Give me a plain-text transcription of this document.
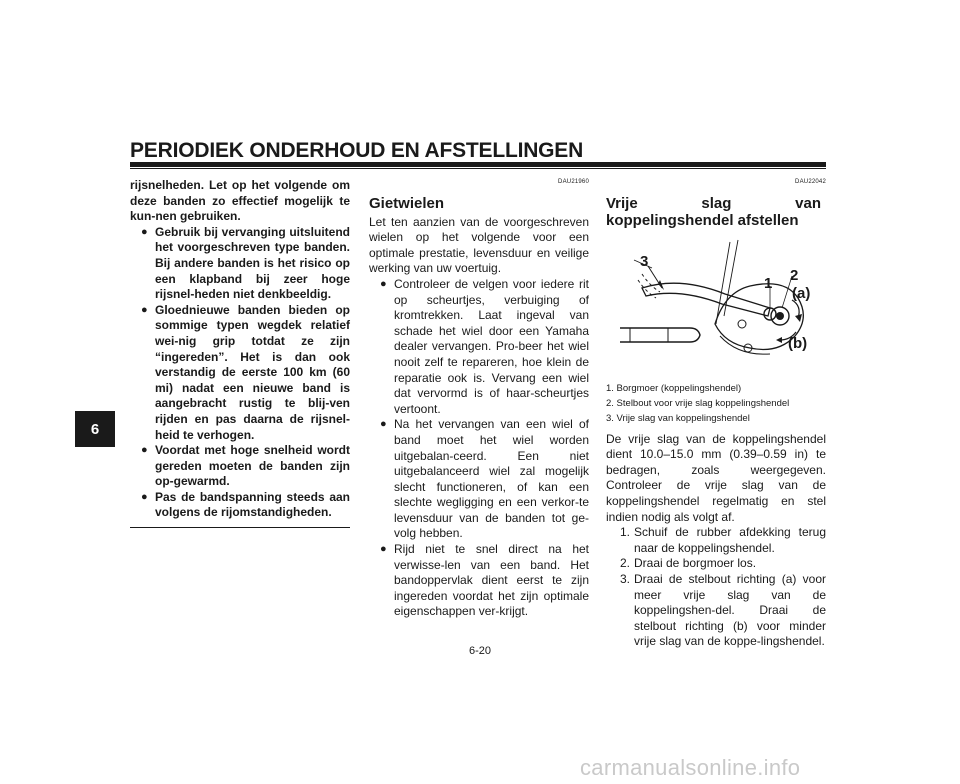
PERIODIEK ONDERHOUD EN AFSTELLINGEN
6
rijsnelheden. Let op het volgende om deze banden zo effectief mogelijk te kun-nen gebruiken.
● Gebruik bij vervanging uitsluitend het voorgeschreven type banden. Bij andere banden is het risico op een klapband bij zeer hoge rijsnel-heden niet denkbeeldig.
● Gloednieuwe banden bieden op sommige typen wegdek relatief wei-nig grip totdat ze zijn “ingereden”. Het is dan ook verstandig de eerste 100 km (60 mi) nadat een nieuwe band is aangebracht rustig te blij-ven rijden en pas daarna de rijsnel-heid te verhogen.
● Voordat met hoge snelheid wordt gereden moeten de banden zijn op-gewarmd.
● Pas de bandspanning steeds aan volgens de rijomstandigheden.
DAU21960
Gietwielen
Let ten aanzien van de voorgeschreven wielen op het volgende voor een optimale prestatie, levensduur en veilige werking van uw voertuig.
● Controleer de velgen voor iedere rit op scheurtjes, verbuiging of kromtrekken. Laat ingeval van schade het wiel door een Yamaha dealer vervangen. Pro-beer het wiel nooit zelf te repareren, hoe klein de reparatie ook is. Vervang een wiel dat vervormd is of haar-scheurtjes vertoont.
● Na het vervangen van een wiel of band moet het wiel worden uitgebalan-ceerd. Een niet uitgebalanceerd wiel zal mogelijk slecht functioneren, of kan een slechte wegligging en een verkor-te levensduur van de banden tot ge-volg hebben.
● Rijd niet te snel direct na het verwisse-len van een band. Het bandoppervlak dient eerst te zijn ingereden voordat het zijn optimale eigenschappen ver-krijgt.
DAU22042
Vrije slag van koppelingshendel afstellen
1. Borgmoer (koppelingshendel)
2. Stelbout voor vrije slag koppelingshendel
3. Vrije slag van koppelingshendel
De vrije slag van de koppelingshendel dient 10.0–15.0 mm (0.39–0.59 in) te bedragen, zoals weergegeven. Controleer de vrije slag van de koppelingshendel regelmatig en stel indien nodig als volgt af.
1. Schuif de rubber afdekking terug naar de koppelingshendel.
2. Draai de borgmoer los.
3. Draai de stelbout richting (a) voor meer vrije slag van de koppelingshen-del. Draai de stelbout richting (b) voor minder vrije slag van de koppe-lingshendel.
3
1 2
(a)
(b)
6-20
carmanualsonline.info
